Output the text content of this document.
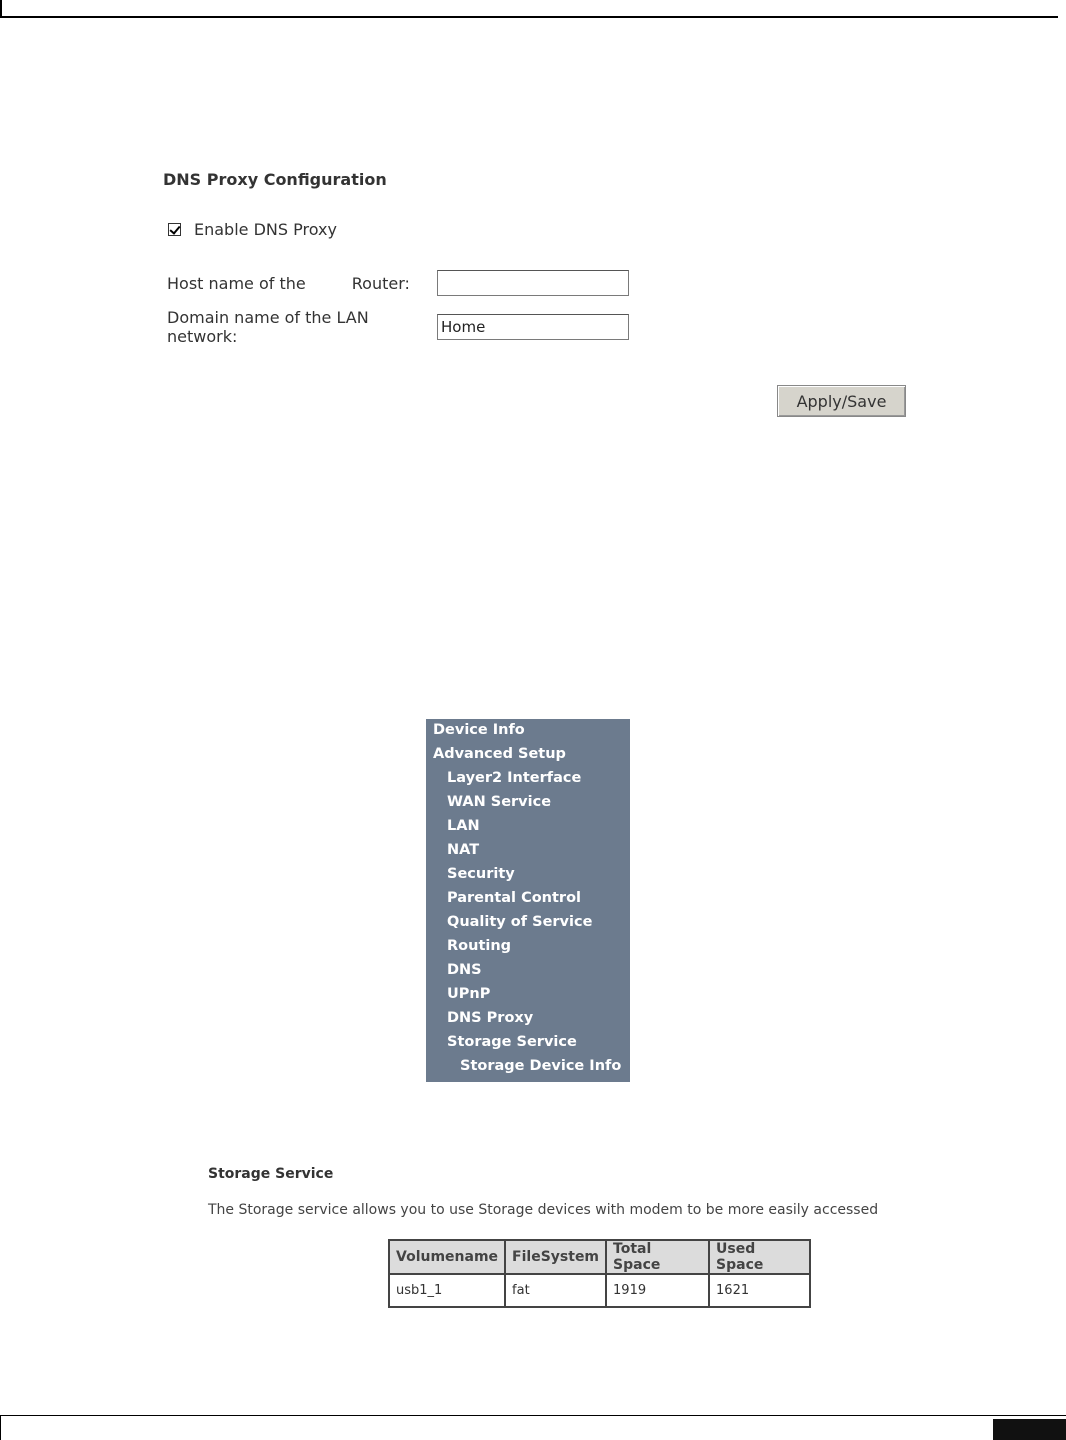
DNS Proxy Configuration
Enable DNS Proxy
Host name of the	Router:
Domain name of the LAN network:
Home
Apply/Save
Device Info
Advanced Setup
Layer2 Interface
WAN Service
LAN
NAT
Security
Parental Control
Quality of Service
Routing
DNS
UPnP
DNS Proxy
Storage Service
Storage Device Info
Storage Service
The Storage service allows you to use Storage devices with modem to be more easily accessed
Volumename	FileSystem	Total Space	Used Space
usb1_1	fat	1919	1621
